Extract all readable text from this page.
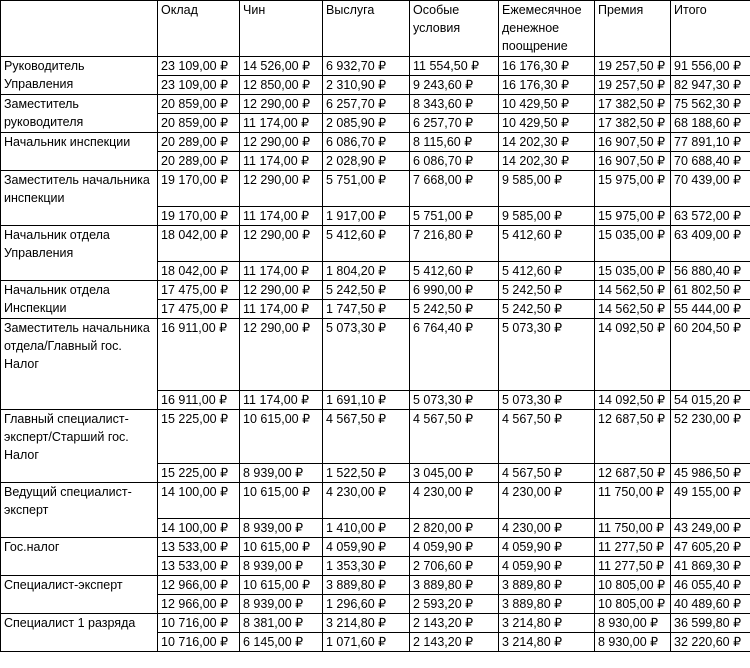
	Оклад	Чин	Выслуга	Особые условия	Ежемесячное денежное поощрение	Премия	Итого
Руководитель Управления	23 109,00 ₽	14 526,00 ₽	6 932,70 ₽	11 554,50 ₽	16 176,30 ₽	19 257,50 ₽	91 556,00 ₽
	23 109,00 ₽	12 850,00 ₽	2 310,90 ₽	9 243,60 ₽	16 176,30 ₽	19 257,50 ₽	82 947,30 ₽
Заместитель руководителя	20 859,00 ₽	12 290,00 ₽	6 257,70 ₽	8 343,60 ₽	10 429,50 ₽	17 382,50 ₽	75 562,30 ₽
	20 859,00 ₽	11 174,00 ₽	2 085,90 ₽	6 257,70 ₽	10 429,50 ₽	17 382,50 ₽	68 188,60 ₽
Начальник инспекции	20 289,00 ₽	12 290,00 ₽	6 086,70 ₽	8 115,60 ₽	14 202,30 ₽	16 907,50 ₽	77 891,10 ₽
	20 289,00 ₽	11 174,00 ₽	2 028,90 ₽	6 086,70 ₽	14 202,30 ₽	16 907,50 ₽	70 688,40 ₽
Заместитель начальника инспекции	19 170,00 ₽	12 290,00 ₽	5 751,00 ₽	7 668,00 ₽	9 585,00 ₽	15 975,00 ₽	70 439,00 ₽
	19 170,00 ₽	11 174,00 ₽	1 917,00 ₽	5 751,00 ₽	9 585,00 ₽	15 975,00 ₽	63 572,00 ₽
Начальник отдела Управления	18 042,00 ₽	12 290,00 ₽	5 412,60 ₽	7 216,80 ₽	5 412,60 ₽	15 035,00 ₽	63 409,00 ₽
	18 042,00 ₽	11 174,00 ₽	1 804,20 ₽	5 412,60 ₽	5 412,60 ₽	15 035,00 ₽	56 880,40 ₽
Начальник отдела Инспекции	17 475,00 ₽	12 290,00 ₽	5 242,50 ₽	6 990,00 ₽	5 242,50 ₽	14 562,50 ₽	61 802,50 ₽
	17 475,00 ₽	11 174,00 ₽	1 747,50 ₽	5 242,50 ₽	5 242,50 ₽	14 562,50 ₽	55 444,00 ₽
Заместитель начальника отдела/Главный гос. Налог	16 911,00 ₽	12 290,00 ₽	5 073,30 ₽	6 764,40 ₽	5 073,30 ₽	14 092,50 ₽	60 204,50 ₽
	16 911,00 ₽	11 174,00 ₽	1 691,10 ₽	5 073,30 ₽	5 073,30 ₽	14 092,50 ₽	54 015,20 ₽
Главный специалист-эксперт/Старший гос. Налог	15 225,00 ₽	10 615,00 ₽	4 567,50 ₽	4 567,50 ₽	4 567,50 ₽	12 687,50 ₽	52 230,00 ₽
	15 225,00 ₽	8 939,00 ₽	1 522,50 ₽	3 045,00 ₽	4 567,50 ₽	12 687,50 ₽	45 986,50 ₽
Ведущий специалист-эксперт	14 100,00 ₽	10 615,00 ₽	4 230,00 ₽	4 230,00 ₽	4 230,00 ₽	11 750,00 ₽	49 155,00 ₽
	14 100,00 ₽	8 939,00 ₽	1 410,00 ₽	2 820,00 ₽	4 230,00 ₽	11 750,00 ₽	43 249,00 ₽
Гос.налог	13 533,00 ₽	10 615,00 ₽	4 059,90 ₽	4 059,90 ₽	4 059,90 ₽	11 277,50 ₽	47 605,20 ₽
	13 533,00 ₽	8 939,00 ₽	1 353,30 ₽	2 706,60 ₽	4 059,90 ₽	11 277,50 ₽	41 869,30 ₽
Специалист-эксперт	12 966,00 ₽	10 615,00 ₽	3 889,80 ₽	3 889,80 ₽	3 889,80 ₽	10 805,00 ₽	46 055,40 ₽
	12 966,00 ₽	8 939,00 ₽	1 296,60 ₽	2 593,20 ₽	3 889,80 ₽	10 805,00 ₽	40 489,60 ₽
Специалист 1 разряда	10 716,00 ₽	8 381,00 ₽	3 214,80 ₽	2 143,20 ₽	3 214,80 ₽	8 930,00 ₽	36 599,80 ₽
	10 716,00 ₽	6 145,00 ₽	1 071,60 ₽	2 143,20 ₽	3 214,80 ₽	8 930,00 ₽	32 220,60 ₽
